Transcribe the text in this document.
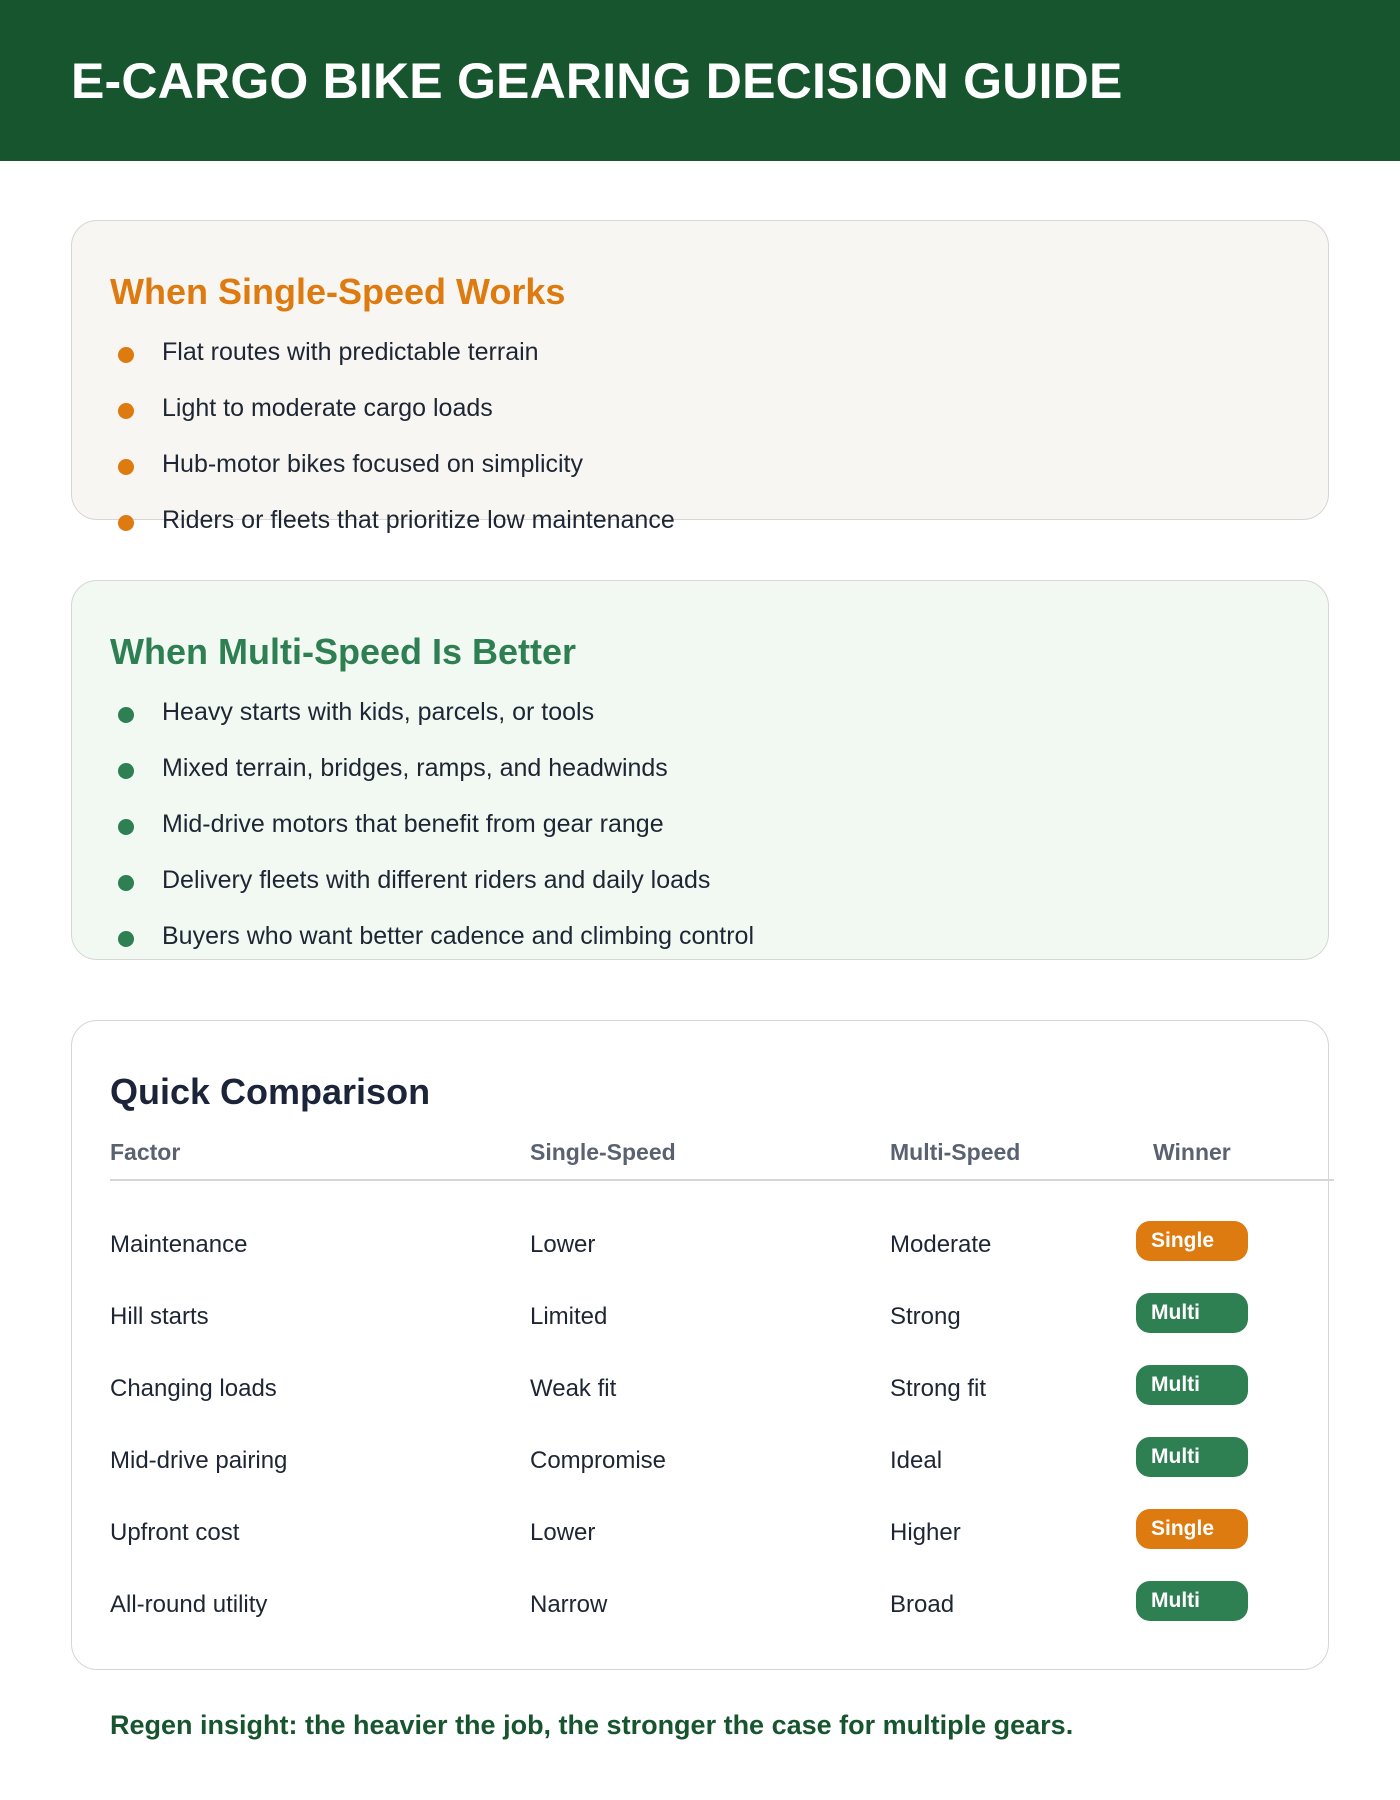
E-CARGO BIKE GEARING DECISION GUIDE
When Single-Speed Works
Flat routes with predictable terrain
Light to moderate cargo loads
Hub-motor bikes focused on simplicity
Riders or fleets that prioritize low maintenance
When Multi-Speed Is Better
Heavy starts with kids, parcels, or tools
Mixed terrain, bridges, ramps, and headwinds
Mid-drive motors that benefit from gear range
Delivery fleets with different riders and daily loads
Buyers who want better cadence and climbing control
Quick Comparison
Factor	Single-Speed	Multi-Speed	Winner
Maintenance	Lower	Moderate	Single
Hill starts	Limited	Strong	Multi
Changing loads	Weak fit	Strong fit	Multi
Mid-drive pairing	Compromise	Ideal	Multi
Upfront cost	Lower	Higher	Single
All-round utility	Narrow	Broad	Multi

Regen insight: the heavier the job, the stronger the case for multiple gears.
